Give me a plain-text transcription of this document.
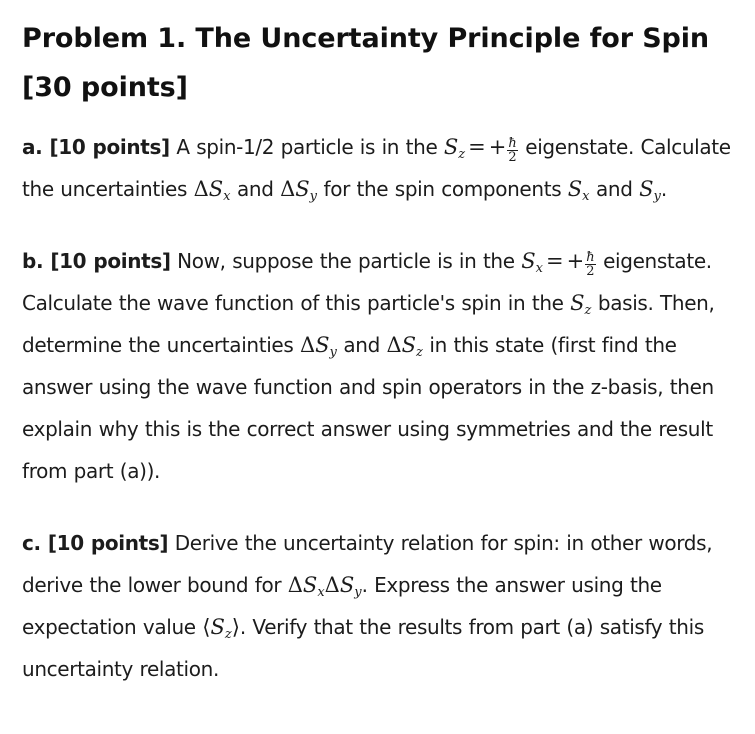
Problem 1. The Uncertainty Principle for Spin [30 points]

a. [10 points] A spin-1/2 particle is in the $S_z$ = + $\frac{ħ}{2}$ eigenstate. Calculate the uncertainties $\Delta S_x$ and $\Delta S_y$ for the spin components $S_x$ and $S_y$.

b. [10 points] Now, suppose the particle is in the $S_x$ = + $\frac{ħ}{2}$ eigenstate. Calculate the wave function of this particle's spin in the $S_z$ basis. Then, determine the uncertainties $\Delta S_y$ and $\Delta S_z$ in this state (first find the answer using the wave function and spin operators in the z-basis, then explain why this is the correct answer using symmetries and the result from part (a)).

c. [10 points] Derive the uncertainty relation for spin: in other words, derive the lower bound for $\Delta S_x\Delta S_y$. Express the answer using the expectation value $⟨S_z⟩$. Verify that the results from part (a) satisfy this uncertainty relation.
